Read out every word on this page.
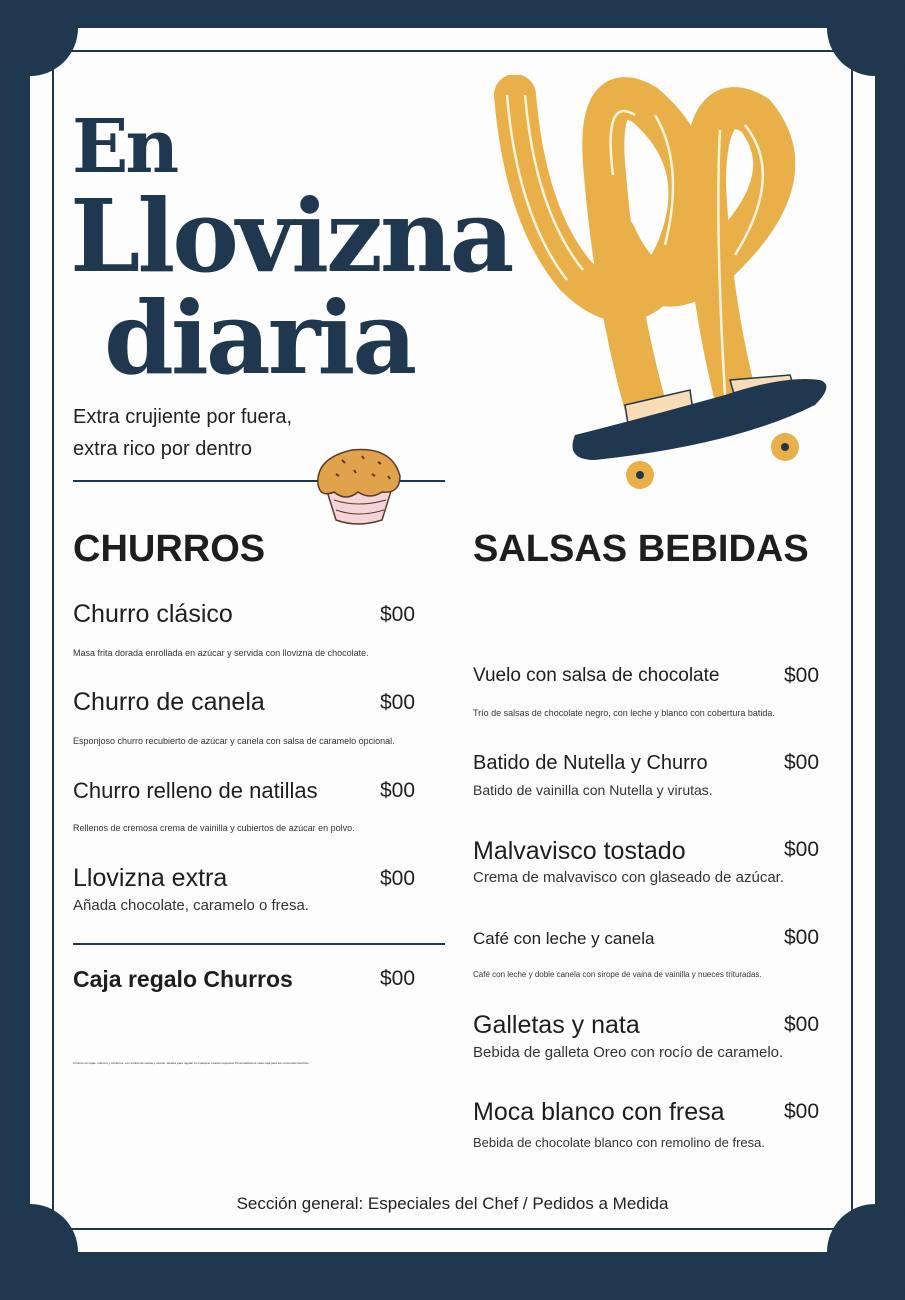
En
Llovizna
diaria
Extra crujiente por fuera,
extra rico por dentro
CHURROS	SALSAS BEBIDAS
Churro clásico	$00
Masa frita dorada enrollada en azúcar y servida con llovizna de chocolate.
Churro de canela	$00
Esponjoso churro recubierto de azúcar y canela con salsa de caramelo opcional.
Churro relleno de natillas	$00
Rellenos de cremosa crema de vainilla y cubiertos de azúcar en polvo.
Llovizna extra	$00
Añada chocolate, caramelo o fresa.
Caja regalo Churros	$00
Churros en cajas, rellenos y cubiertos, con surtido de salsas y azúcar, ideales para regalar en cualquier ocasión especial. Personalizamos cada caja para tus momentos favoritos.
Vuelo con salsa de chocolate	$00
Trío de salsas de chocolate negro, con leche y blanco con cobertura batida.
Batido de Nutella y Churro	$00
Batido de vainilla con Nutella y virutas.
Malvavisco tostado	$00
Crema de malvavisco con glaseado de azúcar.
Café con leche y canela	$00
Café con leche y doble canela con sirope de vaina de vainilla y nueces trituradas.
Galletas y nata	$00
Bebida de galleta Oreo con rocío de caramelo.
Moca blanco con fresa	$00
Bebida de chocolate blanco con remolino de fresa.
Sección general: Especiales del Chef / Pedidos a Medida
